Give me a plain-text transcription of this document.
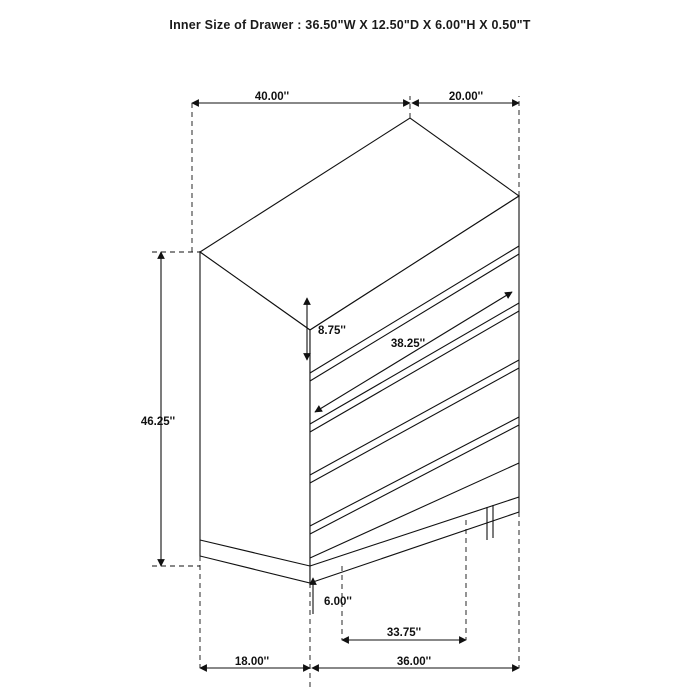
Inner Size of Drawer : 36.50"W X 12.50"D X 6.00"H X 0.50"T
40.00''	20.00''
46.25''
8.75''
38.25''
6.00''
33.75''
18.00''	36.00''
